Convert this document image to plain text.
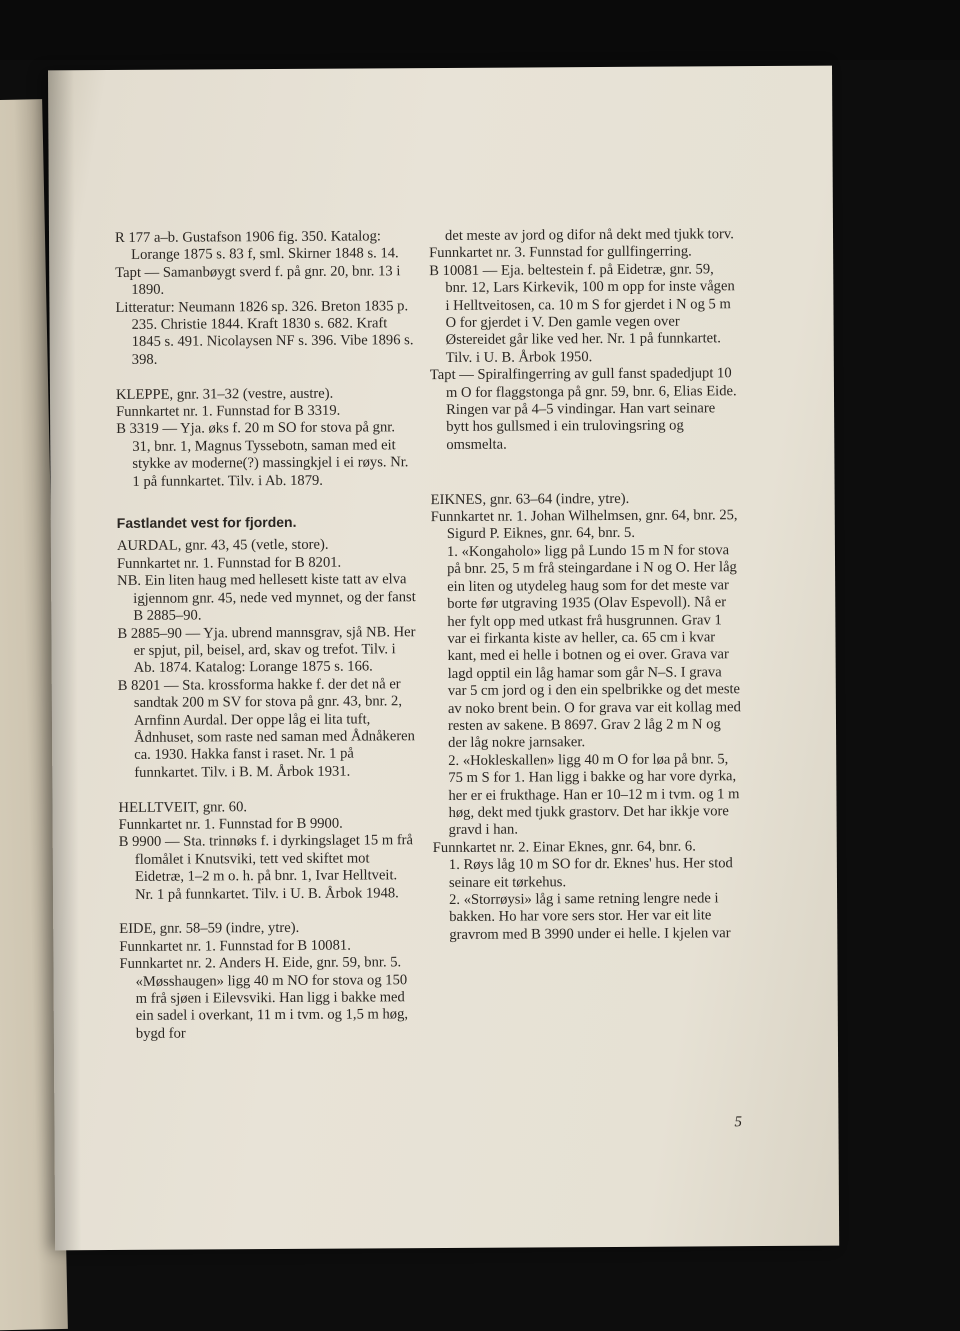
R 177 a–b. Gustafson 1906 fig. 350. Katalog: Lorange 1875 s. 83 f, sml. Skirner 1848 s. 14.
Tapt — Samanbøygt sverd f. på gnr. 20, bnr. 13 i 1890.
Litteratur: Neumann 1826 sp. 326. Breton 1835 p. 235. Christie 1844. Kraft 1830 s. 682. Kraft 1845 s. 491. Nicolaysen NF s. 396. Vibe 1896 s. 398.
KLEPPE, gnr. 31–32 (vestre, austre).
Funnkartet nr. 1. Funnstad for B 3319.
B 3319 — Yja. øks f. 20 m SO for stova på gnr. 31, bnr. 1, Magnus Tyssebotn, saman med eit stykke av moderne(?) massingkjel i ei røys. Nr. 1 på funnkartet. Tilv. i Ab. 1879.
Fastlandet vest for fjorden.
AURDAL, gnr. 43, 45 (vetle, store).
Funnkartet nr. 1. Funnstad for B 8201.
NB. Ein liten haug med hellesett kiste tatt av elva igjennom gnr. 45, nede ved mynnet, og der fanst B 2885–90.
B 2885–90 — Yja. ubrend mannsgrav, sjå NB. Her er spjut, pil, beisel, ard, skav og trefot. Tilv. i Ab. 1874. Katalog: Lorange 1875 s. 166.
B 8201 — Sta. krossforma hakke f. der det nå er sandtak 200 m SV for stova på gnr. 43, bnr. 2, Arnfinn Aurdal. Der oppe låg ei lita tuft, Ådnhuset, som raste ned saman med Ådnåkeren ca. 1930. Hakka fanst i raset. Nr. 1 på funnkartet. Tilv. i B. M. Årbok 1931.
HELLTVEIT, gnr. 60.
Funnkartet nr. 1. Funnstad for B 9900.
B 9900 — Sta. trinnøks f. i dyrkingslaget 15 m frå flomålet i Knutsviki, tett ved skiftet mot Eidetræ, 1–2 m o. h. på bnr. 1, Ivar Helltveit. Nr. 1 på funnkartet. Tilv. i U. B. Årbok 1948.
EIDE, gnr. 58–59 (indre, ytre).
Funnkartet nr. 1. Funnstad for B 10081.
Funnkartet nr. 2. Anders H. Eide, gnr. 59, bnr. 5.
«Møsshaugen» ligg 40 m NO for stova og 150 m frå sjøen i Eilevsviki. Han ligg i bakke med ein sadel i overkant, 11 m i tvm. og 1,5 m høg, bygd for
det meste av jord og difor nå dekt med tjukk torv.
Funnkartet nr. 3. Funnstad for gullfingerring.
B 10081 — Eja. beltestein f. på Eidetræ, gnr. 59, bnr. 12, Lars Kirkevik, 100 m opp for inste vågen i Helltveitosen, ca. 10 m S for gjerdet i N og 5 m O for gjerdet i V. Den gamle vegen over Østereidet går like ved her. Nr. 1 på funnkartet. Tilv. i U. B. Årbok 1950.
Tapt — Spiralfingerring av gull fanst spadedjupt 10 m O for flaggstonga på gnr. 59, bnr. 6, Elias Eide. Ringen var på 4–5 vindingar. Han vart seinare bytt hos gullsmed i ein trulovingsring og omsmelta.
EIKNES, gnr. 63–64 (indre, ytre).
Funnkartet nr. 1. Johan Wilhelmsen, gnr. 64, bnr. 25, Sigurd P. Eiknes, gnr. 64, bnr. 5.
1. «Kongaholo» ligg på Lundo 15 m N for stova på bnr. 25, 5 m frå steingardane i N og O. Her låg ein liten og utydeleg haug som for det meste var borte før utgraving 1935 (Olav Espevoll). Nå er her fylt opp med utkast frå husgrunnen. Grav 1 var ei firkanta kiste av heller, ca. 65 cm i kvar kant, med ei helle i botnen og ei over. Grava var lagd opptil ein låg hamar som går N–S. I grava var 5 cm jord og i den ein spelbrikke og det meste av noko brent bein. O for grava var eit kollag med resten av sakene. B 8697. Grav 2 låg 2 m N og der låg nokre jarnsaker.
2. «Hokleskallen» ligg 40 m O for løa på bnr. 5, 75 m S for 1. Han ligg i bakke og har vore dyrka, her er ei frukthage. Han er 10–12 m i tvm. og 1 m høg, dekt med tjukk grastorv. Det har ikkje vore gravd i han.
Funnkartet nr. 2. Einar Eknes, gnr. 64, bnr. 6.
1. Røys låg 10 m SO for dr. Eknes' hus. Her stod seinare eit tørkehus.
2. «Storrøysi» låg i same retning lengre nede i bakken. Ho har vore sers stor. Her var eit lite gravrom med B 3990 under ei helle. I kjelen var
5
